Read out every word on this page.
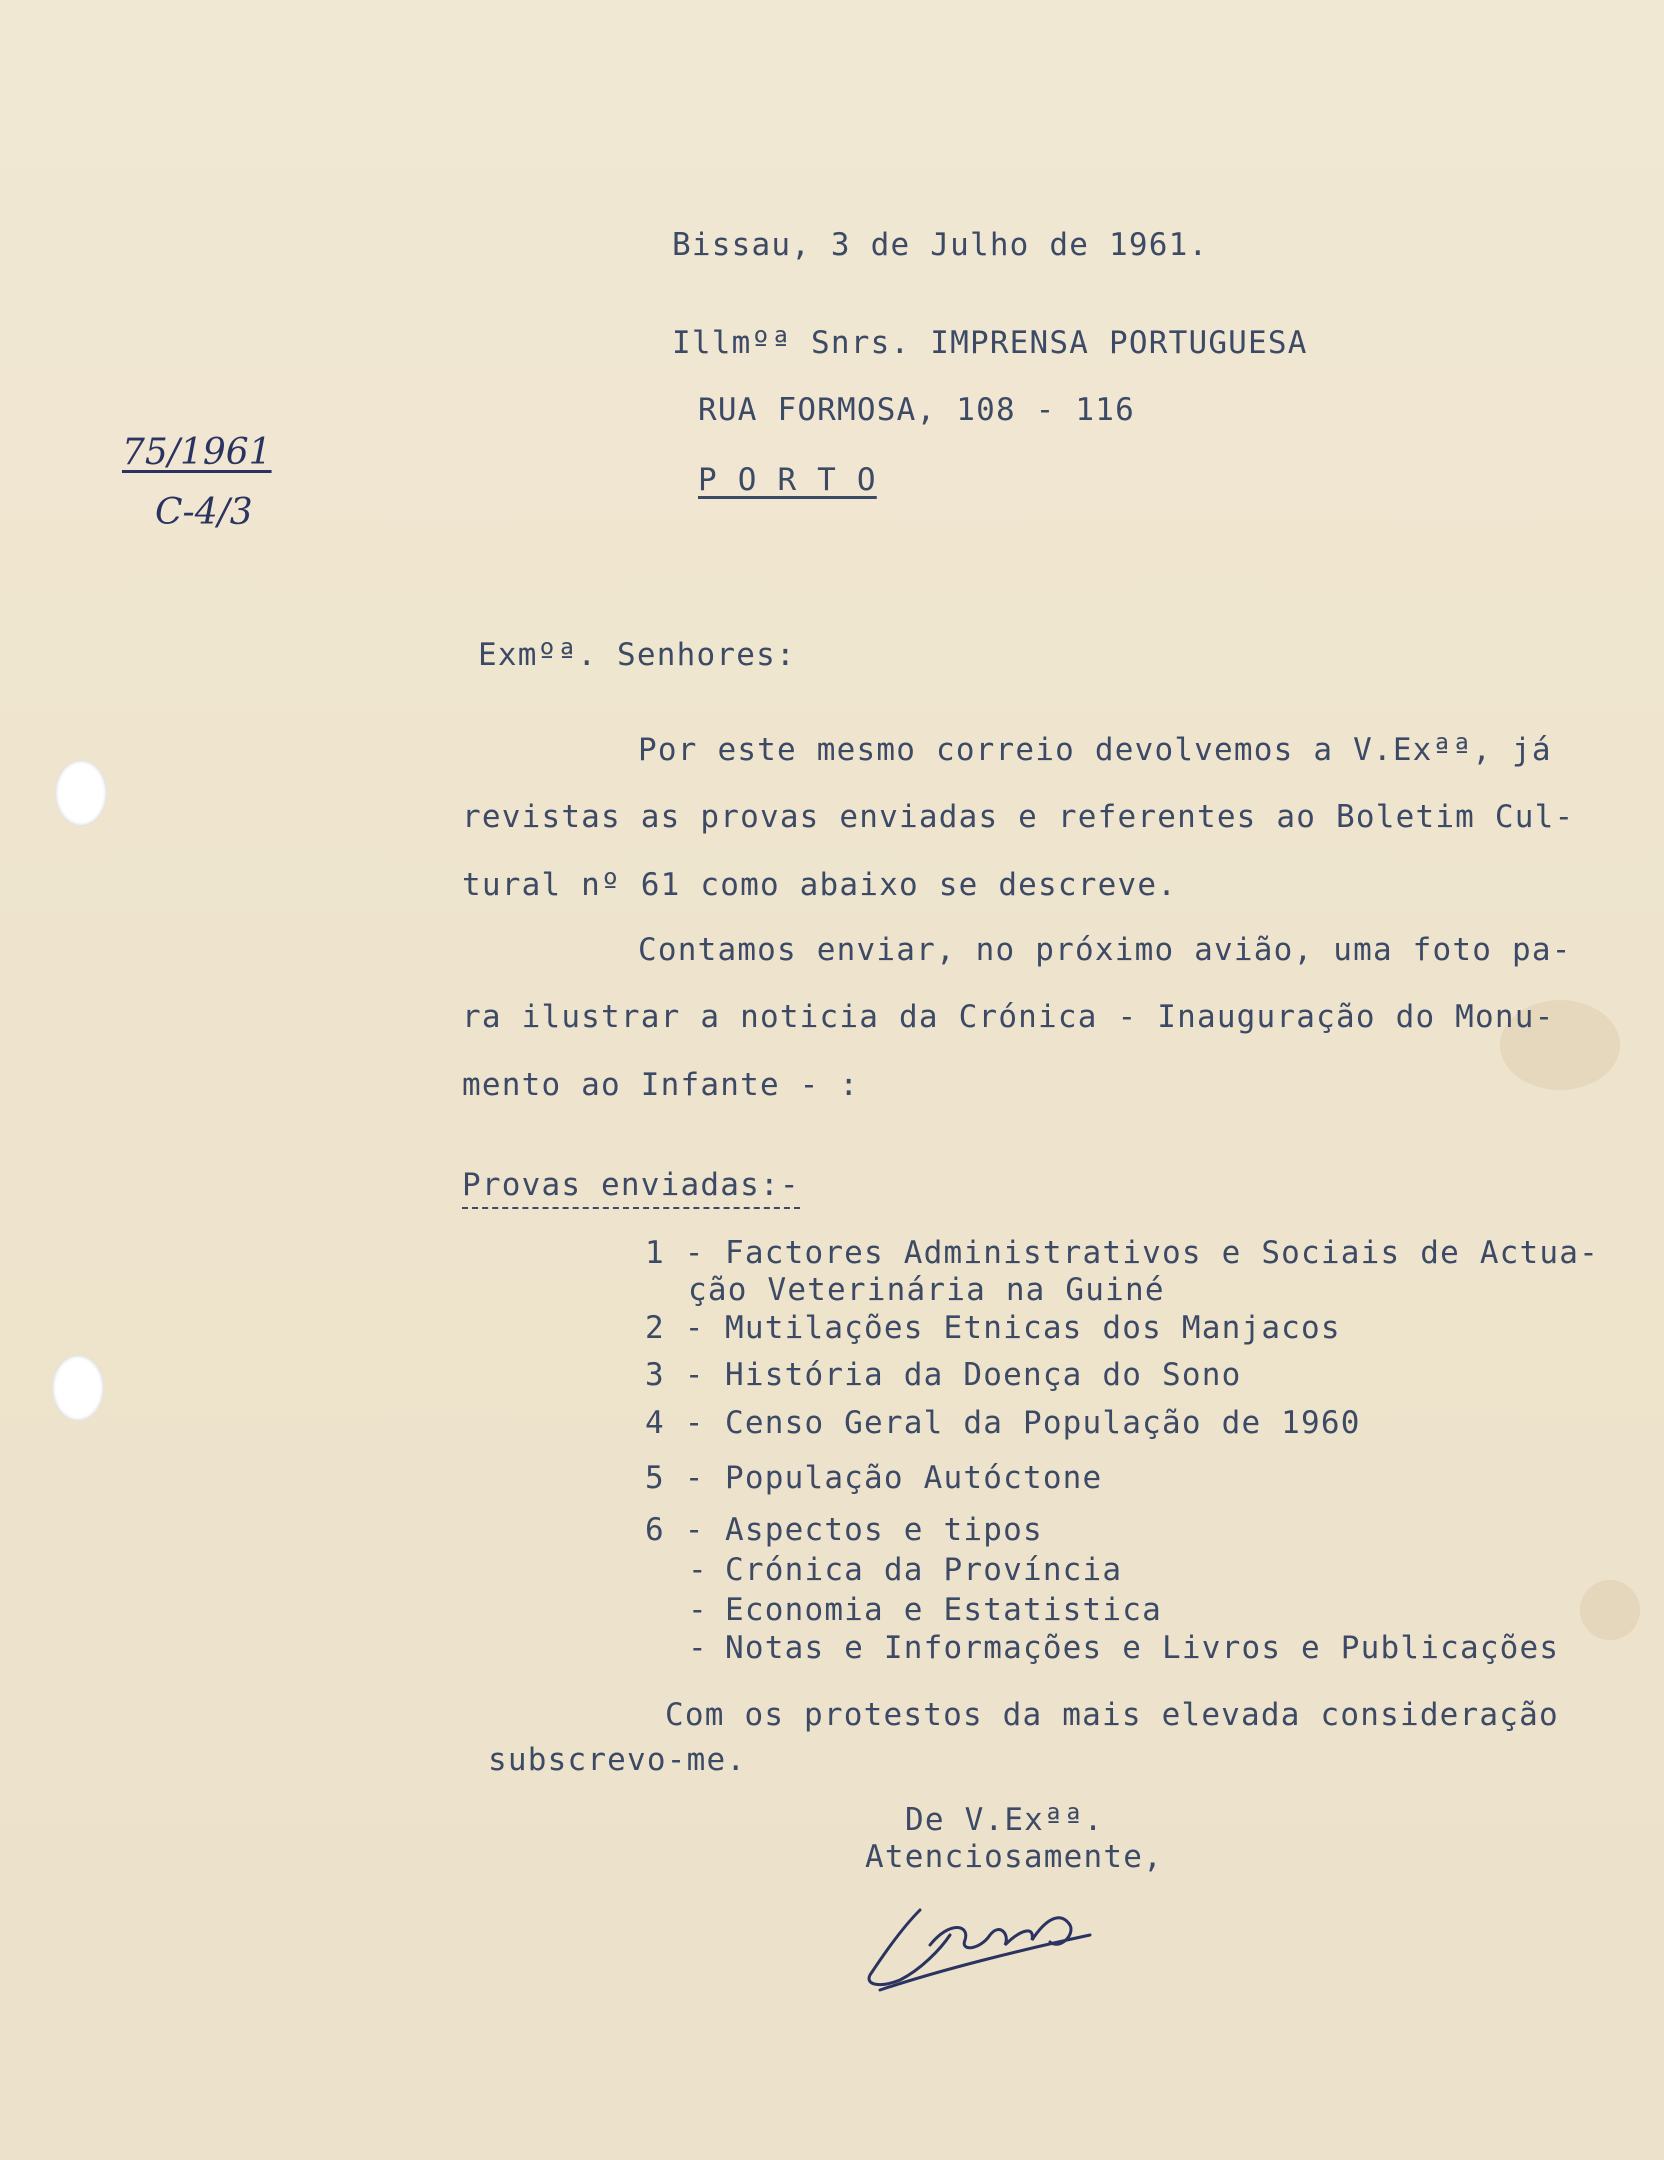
Bissau, 3 de Julho de 1961.
Illmºª Snrs. IMPRENSA PORTUGUESA
RUA FORMOSA, 108 - 116
P O R T O
75/1961
C-4/3
Exmºª. Senhores:
Por este mesmo correio devolvemos a V.Exªª, já
revistas as provas enviadas e referentes ao Boletim Cul-
tural nº 61 como abaixo se descreve.
Contamos enviar, no próximo avião, uma foto pa-
ra ilustrar a noticia da Crónica - Inauguração do Monu-
mento ao Infante - :
Provas enviadas:-
1 - Factores Administrativos e Sociais de Actua-
ção Veterinária na Guiné
2 - Mutilações Etnicas dos Manjacos
3 - História da Doença do Sono
4 - Censo Geral da População de 1960
5 - População Autóctone
6 - Aspectos e tipos
- Crónica da Província
- Economia e Estatistica
- Notas e Informações e Livros e Publicações
Com os protestos da mais elevada consideração
subscrevo-me.
De V.Exªª.
Atenciosamente,
